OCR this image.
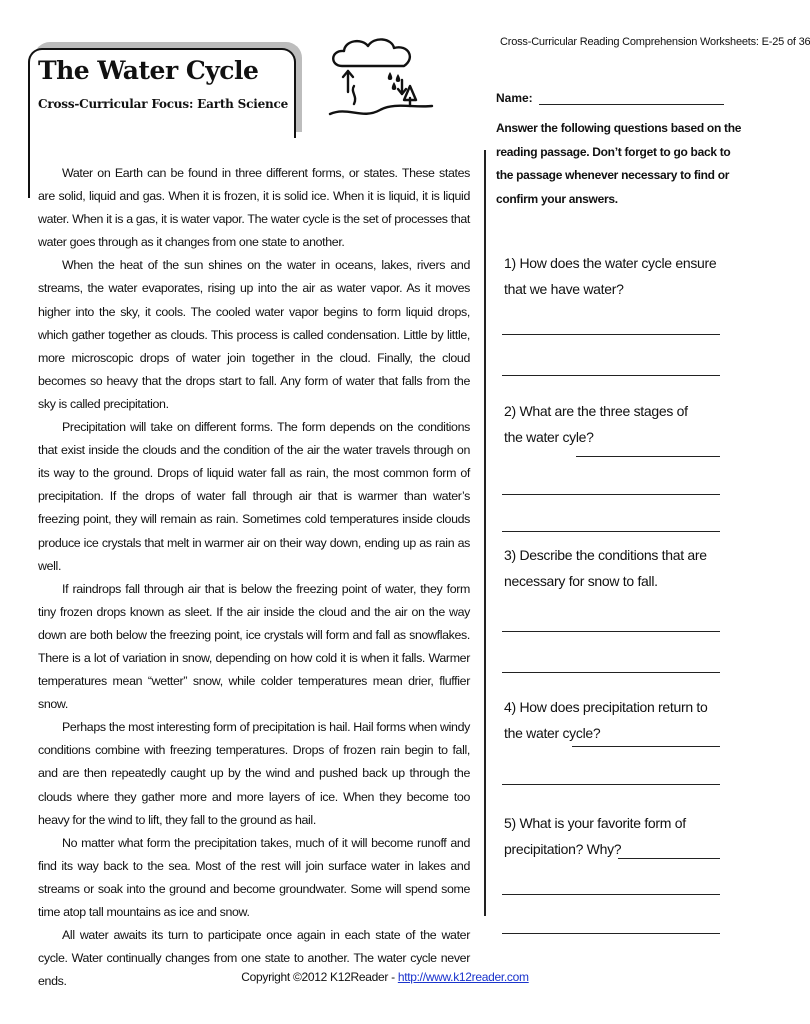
Cross-Curricular Reading Comprehension Worksheets: E-25 of 36
The Water Cycle
Cross-Curricular Focus: Earth Science

Water on Earth can be found in three different forms, or states. These states are solid, liquid and gas. When it is frozen, it is solid ice. When it is liquid, it is liquid water. When it is a gas, it is water vapor. The water cycle is the set of processes that water goes through as it changes from one state to another.

When the heat of the sun shines on the water in oceans, lakes, rivers and streams, the water evaporates, rising up into the air as water vapor. As it moves higher into the sky, it cools. The cooled water vapor begins to form liquid drops, which gather together as clouds. This process is called condensation. Little by little, more microscopic drops of water join together in the cloud. Finally, the cloud becomes so heavy that the drops start to fall. Any form of water that falls from the sky is called precipitation.

Precipitation will take on different forms. The form depends on the conditions that exist inside the clouds and the condition of the air the water travels through on its way to the ground. Drops of liquid water fall as rain, the most common form of precipitation. If the drops of water fall through air that is warmer than water’s freezing point, they will remain as rain. Sometimes cold temperatures inside clouds produce ice crystals that melt in warmer air on their way down, ending up as rain as well.

If raindrops fall through air that is below the freezing point of water, they form tiny frozen drops known as sleet. If the air inside the cloud and the air on the way down are both below the freezing point, ice crystals will form and fall as snowflakes. There is a lot of variation in snow, depending on how cold it is when it falls. Warmer temperatures mean “wetter” snow, while colder temperatures mean drier, fluffier snow.

Perhaps the most interesting form of precipitation is hail. Hail forms when windy conditions combine with freezing temperatures. Drops of frozen rain begin to fall, and are then repeatedly caught up by the wind and pushed back up through the clouds where they gather more and more layers of ice. When they become too heavy for the wind to lift, they fall to the ground as hail.

No matter what form the precipitation takes, much of it will become runoff and find its way back to the sea. Most of the rest will join surface water in lakes and streams or soak into the ground and become groundwater. Some will spend some time atop tall mountains as ice and snow.

All water awaits its turn to participate once again in each state of the water cycle. Water continually changes from one state to another. The water cycle never ends.

Name:
Answer the following questions based on the reading passage. Don’t forget to go back to the passage whenever necessary to find or confirm your answers.
1) How does the water cycle ensure that we have water?
2) What are the three stages of the water cyle?
3) Describe the conditions that are necessary for snow to fall.
4) How does precipitation return to the water cycle?
5) What is your favorite form of precipitation? Why?
Copyright ©2012 K12Reader - http://www.k12reader.com
